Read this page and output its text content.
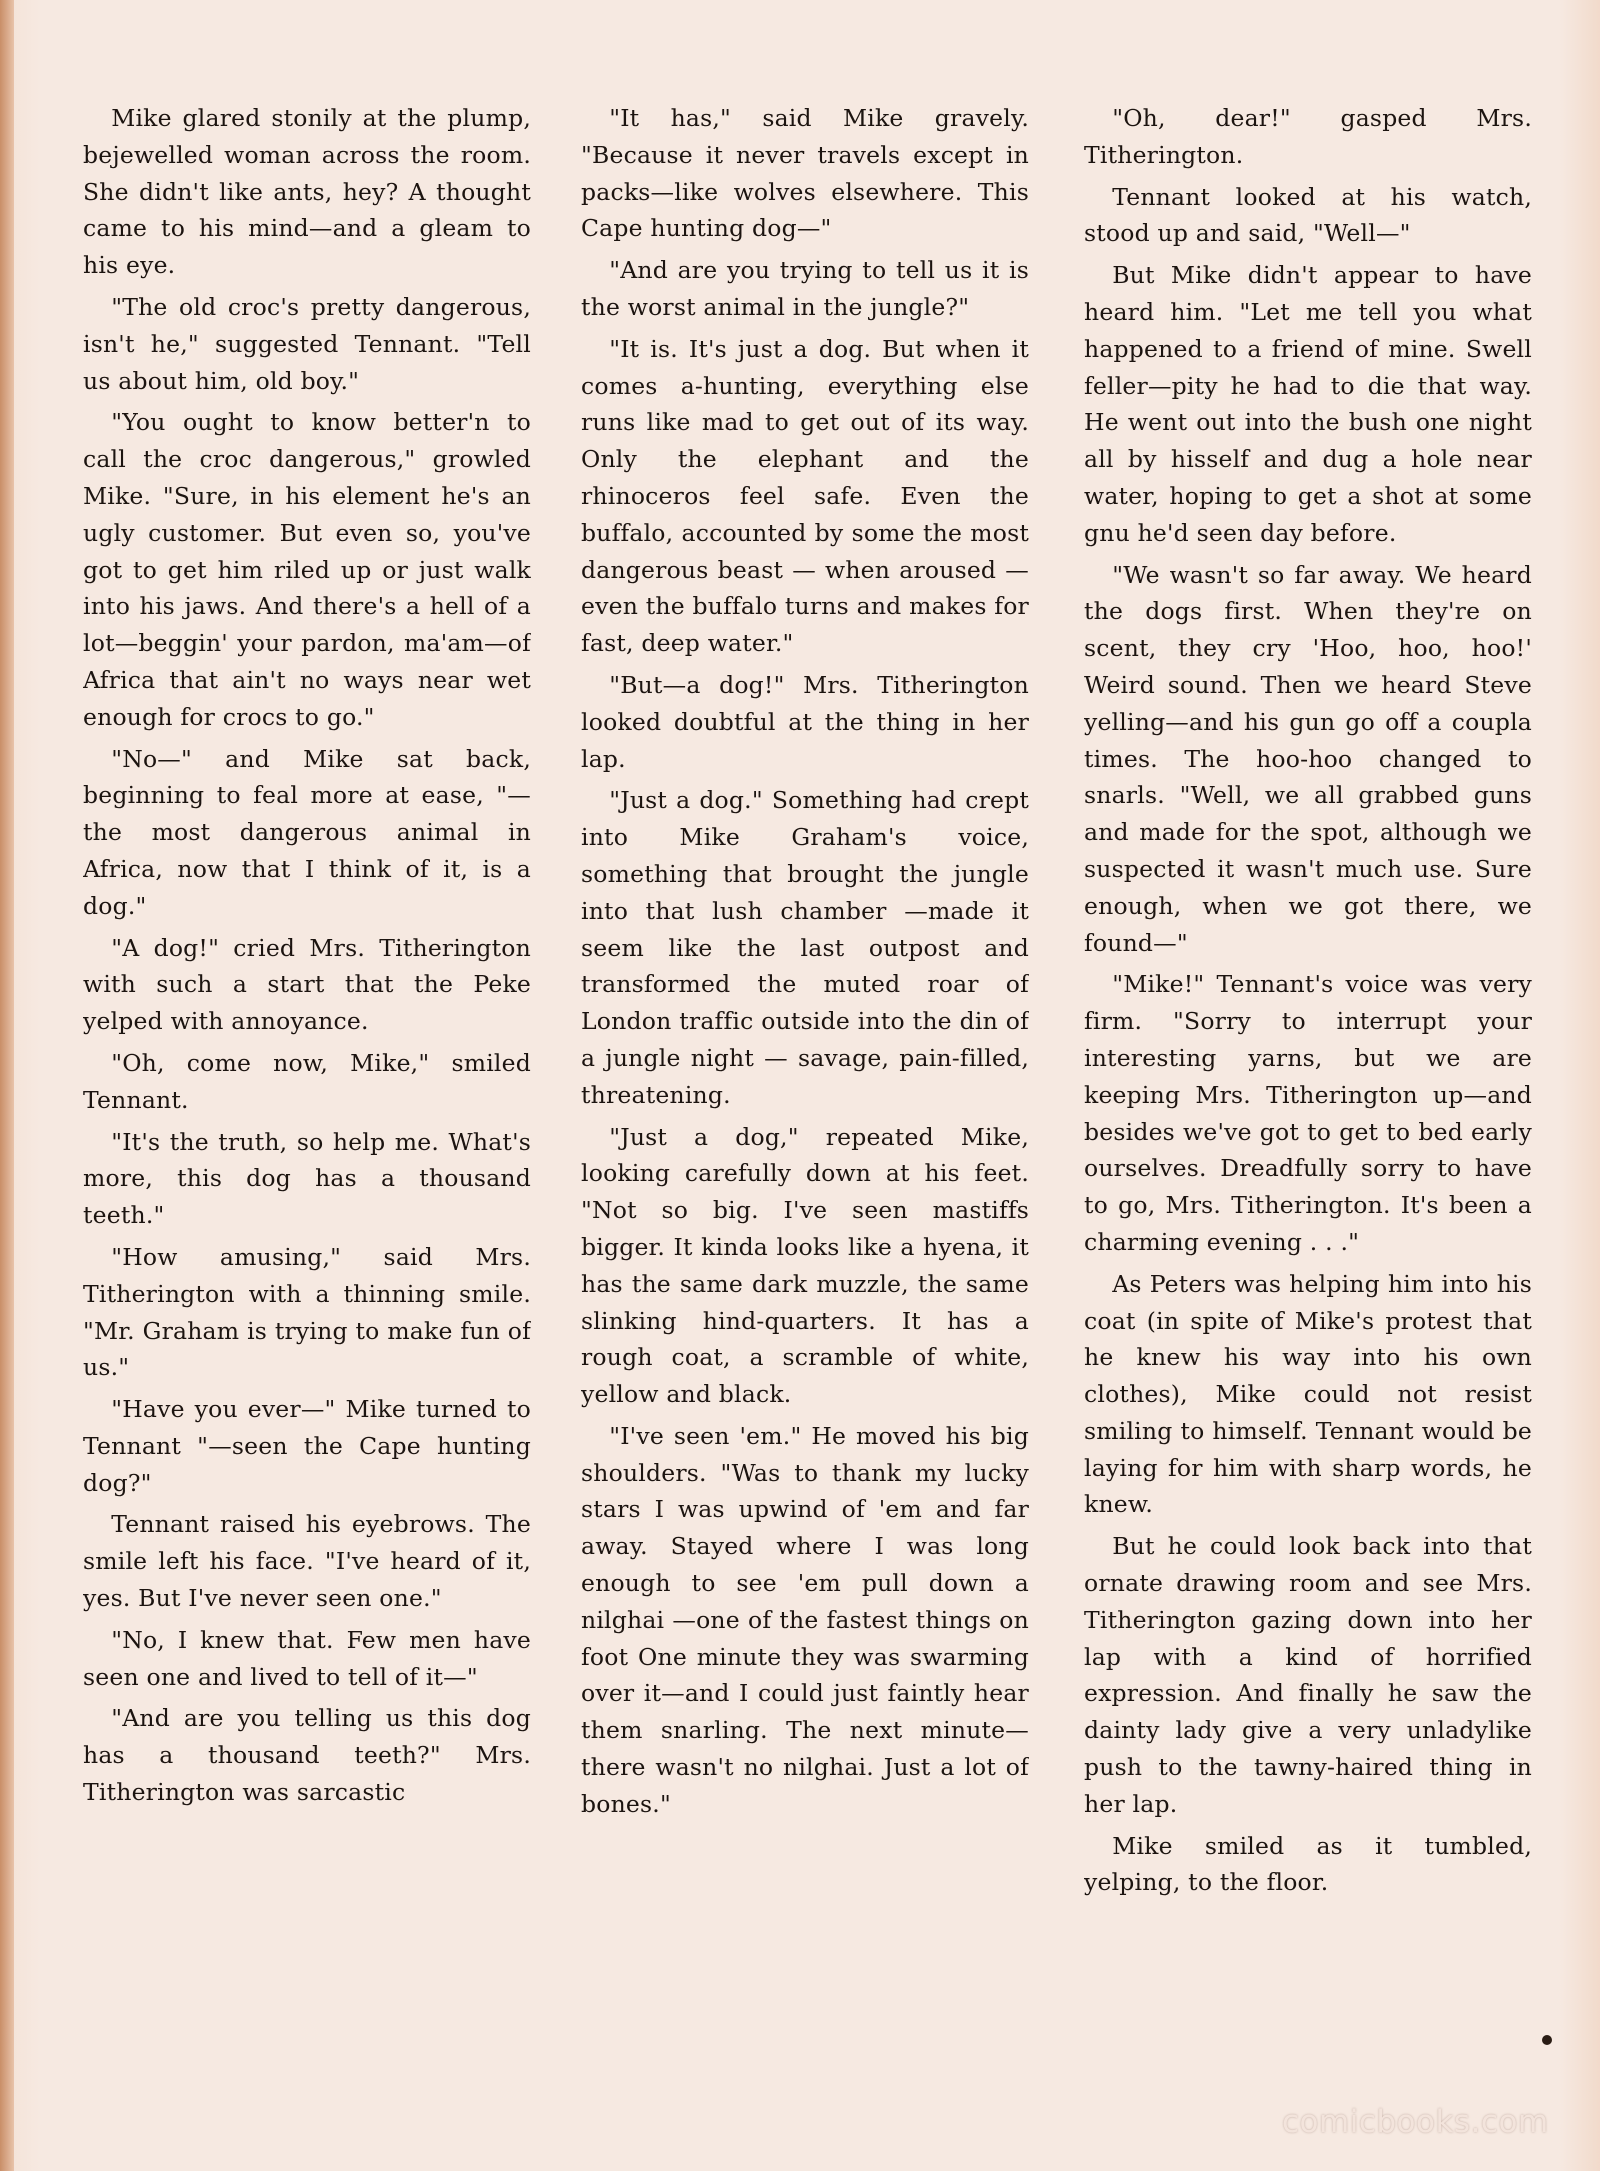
Mike glared stonily at the plump, bejewelled woman across the room. She didn't like ants, hey? A thought came to his mind—and a gleam to his eye.

"The old croc's pretty dangerous, isn't he," suggested Tennant. "Tell us about him, old boy."

"You ought to know better'n to call the croc dangerous," growled Mike. "Sure, in his element he's an ugly customer. But even so, you've got to get him riled up or just walk into his jaws. And there's a hell of a lot—beggin' your pardon, ma'am—of Africa that ain't no ways near wet enough for crocs to go."

"No—" and Mike sat back, beginning to feal more at ease, "—the most dangerous animal in Africa, now that I think of it, is a dog."

"A dog!" cried Mrs. Titherington with such a start that the Peke yelped with annoyance.

"Oh, come now, Mike," smiled Tennant.

"It's the truth, so help me. What's more, this dog has a thousand teeth."

"How amusing," said Mrs. Titherington with a thinning smile. "Mr. Graham is trying to make fun of us."

"Have you ever—" Mike turned to Tennant "—seen the Cape hunting dog?"

Tennant raised his eyebrows. The smile left his face. "I've heard of it, yes. But I've never seen one."

"No, I knew that. Few men have seen one and lived to tell of it—"

"And are you telling us this dog has a thousand teeth?" Mrs. Titherington was sarcastic

"It has," said Mike gravely. "Because it never travels except in packs—like wolves elsewhere. This Cape hunting dog—"

"And are you trying to tell us it is the worst animal in the jungle?"

"It is. It's just a dog. But when it comes a-hunting, everything else runs like mad to get out of its way. Only the elephant and the rhinoceros feel safe. Even the buffalo, accounted by some the most dangerous beast — when aroused — even the buffalo turns and makes for fast, deep water."

"But—a dog!" Mrs. Titherington looked doubtful at the thing in her lap.

"Just a dog." Something had crept into Mike Graham's voice, something that brought the jungle into that lush chamber —made it seem like the last outpost and transformed the muted roar of London traffic outside into the din of a jungle night — savage, pain-filled, threatening.

"Just a dog," repeated Mike, looking carefully down at his feet. "Not so big. I've seen mastiffs bigger. It kinda looks like a hyena, it has the same dark muzzle, the same slinking hind-quarters. It has a rough coat, a scramble of white, yellow and black.

"I've seen 'em." He moved his big shoulders. "Was to thank my lucky stars I was upwind of 'em and far away. Stayed where I was long enough to see 'em pull down a nilghai —one of the fastest things on foot One minute they was swarming over it—and I could just faintly hear them snarling. The next minute—there wasn't no nilghai. Just a lot of bones."

"Oh, dear!" gasped Mrs. Titherington.

Tennant looked at his watch, stood up and said, "Well—"

But Mike didn't appear to have heard him. "Let me tell you what happened to a friend of mine. Swell feller—pity he had to die that way. He went out into the bush one night all by hisself and dug a hole near water, hoping to get a shot at some gnu he'd seen day before.

"We wasn't so far away. We heard the dogs first. When they're on scent, they cry 'Hoo, hoo, hoo!' Weird sound. Then we heard Steve yelling—and his gun go off a coupla times. The hoo-hoo changed to snarls. "Well, we all grabbed guns and made for the spot, although we suspected it wasn't much use. Sure enough, when we got there, we found—"

"Mike!" Tennant's voice was very firm. "Sorry to interrupt your interesting yarns, but we are keeping Mrs. Titherington up—and besides we've got to get to bed early ourselves. Dreadfully sorry to have to go, Mrs. Titherington. It's been a charming evening . . ."

As Peters was helping him into his coat (in spite of Mike's protest that he knew his way into his own clothes), Mike could not resist smiling to himself. Tennant would be laying for him with sharp words, he knew.

But he could look back into that ornate drawing room and see Mrs. Titherington gazing down into her lap with a kind of horrified expression. And finally he saw the dainty lady give a very unladylike push to the tawny-haired thing in her lap.

Mike smiled as it tumbled, yelping, to the floor.

comicbooks.com
